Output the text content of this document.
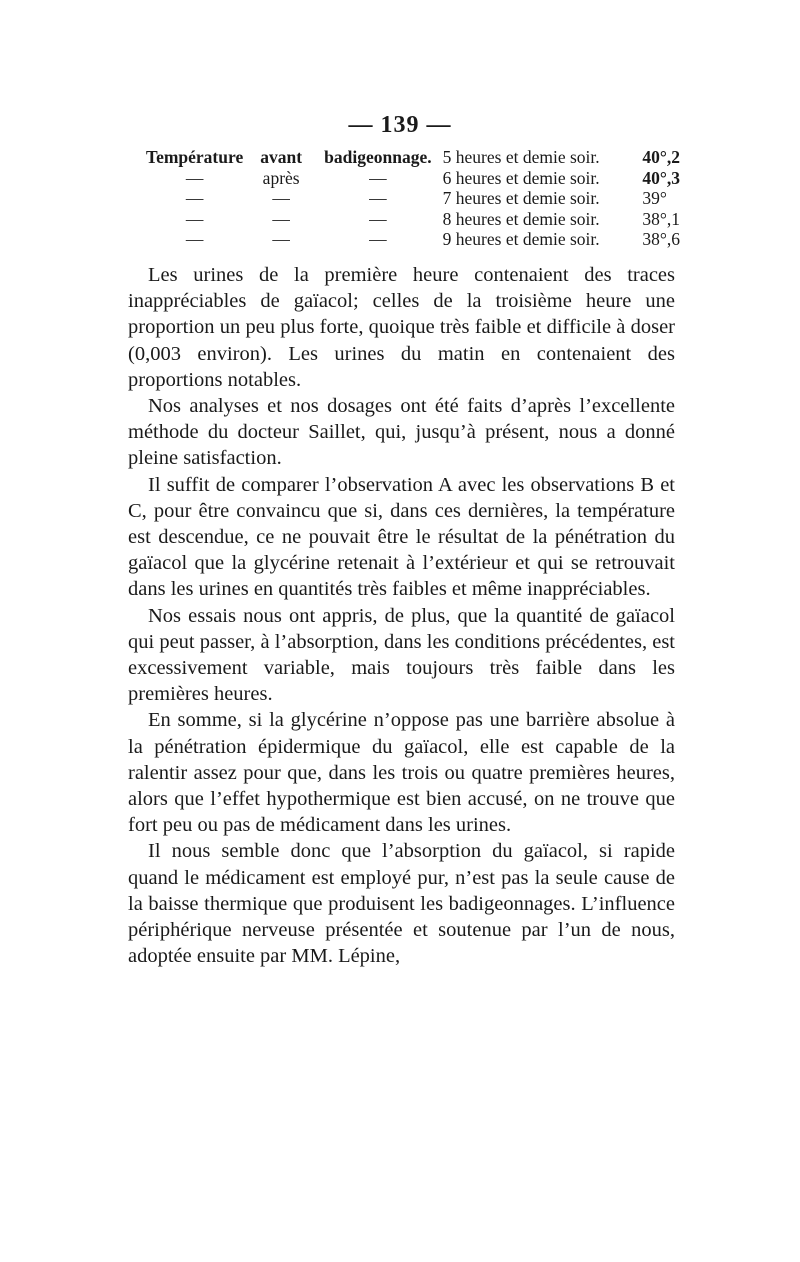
— 139 —
Température	avant	badigeonnage.	5 heures et demie soir.	40°,2
—	après	—	6 heures et demie soir.	40°,3
—	—	—	7 heures et demie soir.	39°
—	—	—	8 heures et demie soir.	38°,1
—	—	—	9 heures et demie soir.	38°,6

Les urines de la première heure contenaient des traces inappréciables de gaïacol; celles de la troisième heure une proportion un peu plus forte, quoique très faible et difficile à doser (0,003 environ). Les urines du matin en contenaient des proportions notables.

Nos analyses et nos dosages ont été faits d’après l’excellente méthode du docteur Saillet, qui, jusqu’à présent, nous a donné pleine satisfaction.

Il suffit de comparer l’observation A avec les observations B et C, pour être convaincu que si, dans ces dernières, la température est descendue, ce ne pouvait être le résultat de la pénétration du gaïacol que la glycérine retenait à l’extérieur et qui se retrouvait dans les urines en quantités très faibles et même inappréciables.

Nos essais nous ont appris, de plus, que la quantité de gaïacol qui peut passer, à l’absorption, dans les conditions précédentes, est excessivement variable, mais toujours très faible dans les premières heures.

En somme, si la glycérine n’oppose pas une barrière absolue à la pénétration épidermique du gaïacol, elle est capable de la ralentir assez pour que, dans les trois ou quatre premières heures, alors que l’effet hypothermique est bien accusé, on ne trouve que fort peu ou pas de médicament dans les urines.

Il nous semble donc que l’absorption du gaïacol, si rapide quand le médicament est employé pur, n’est pas la seule cause de la baisse thermique que produisent les badigeonnages. L’influence périphérique nerveuse présentée et soutenue par l’un de nous, adoptée ensuite par MM. Lépine,
